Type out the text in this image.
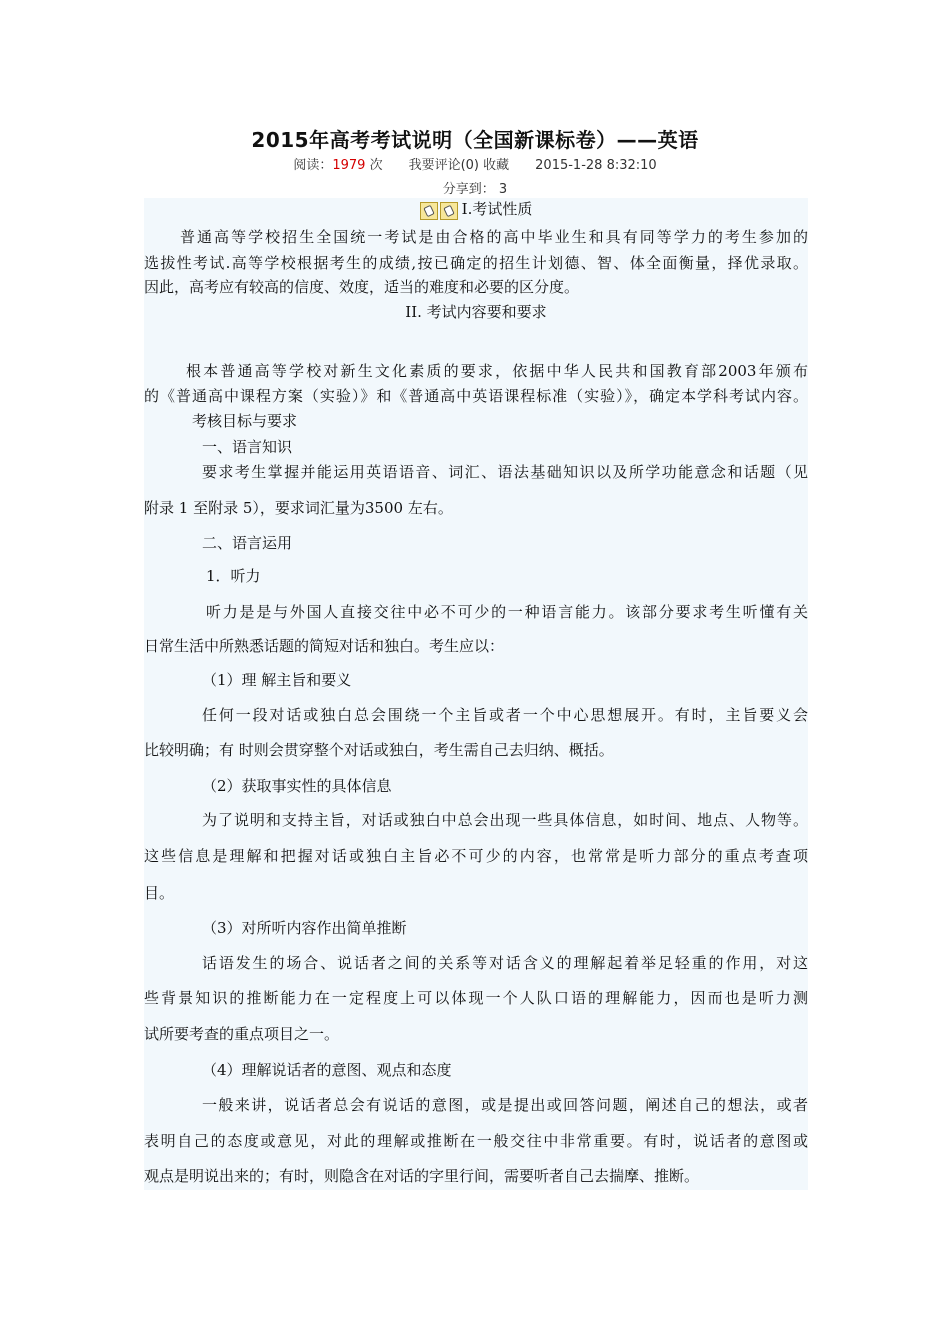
2015年高考考试说明（全国新课标卷）——英语
阅读：1979 次 我要评论(0) 收藏 2015-1-28 8:32:10
分享到： 3
I.考试性质
普通高等学校招生全国统一考试是由合格的高中毕业生和具有同等学力的考生参加的
选拔性考试.高等学校根据考生的成绩,按已确定的招生计划德、智、体全面衡量，择优录取。
因此，高考应有较高的信度、效度，适当的难度和必要的区分度。
II. 考试内容要和要求
根本普通高等学校对新生文化素质的要求，依据中华人民共和国教育部2003年颁布
的《普通高中课程方案（实验）》和《普通高中英语课程标准（实验）》，确定本学科考试内容。
考核目标与要求
一、语言知识
要求考生掌握并能运用英语语音、词汇、语法基础知识以及所学功能意念和话题（见
附录 1 至附录 5），要求词汇量为3500 左右。
二、语言运用
1．听力
听力是是与外国人直接交往中必不可少的一种语言能力。该部分要求考生听懂有关
日常生活中所熟悉话题的简短对话和独白。考生应以：
（1）理 解主旨和要义
任何一段对话或独白总会围绕一个主旨或者一个中心思想展开。有时，主旨要义会
比较明确；有 时则会贯穿整个对话或独白，考生需自己去归纳、概括。
（2）获取事实性的具体信息
为了说明和支持主旨，对话或独白中总会出现一些具体信息，如时间、地点、人物等。
这些信息是理解和把握对话或独白主旨必不可少的内容，也常常是听力部分的重点考查项
目。
（3）对所听内容作出简单推断
话语发生的场合、说话者之间的关系等对话含义的理解起着举足轻重的作用，对这
些背景知识的推断能力在一定程度上可以体现一个人队口语的理解能力，因而也是听力测
试所要考查的重点项目之一。
（4）理解说话者的意图、观点和态度
一般来讲，说话者总会有说话的意图，或是提出或回答问题，阐述自己的想法，或者
表明自己的态度或意见，对此的理解或推断在一般交往中非常重要。有时，说话者的意图或
观点是明说出来的；有时，则隐含在对话的字里行间，需要听者自己去揣摩、推断。
